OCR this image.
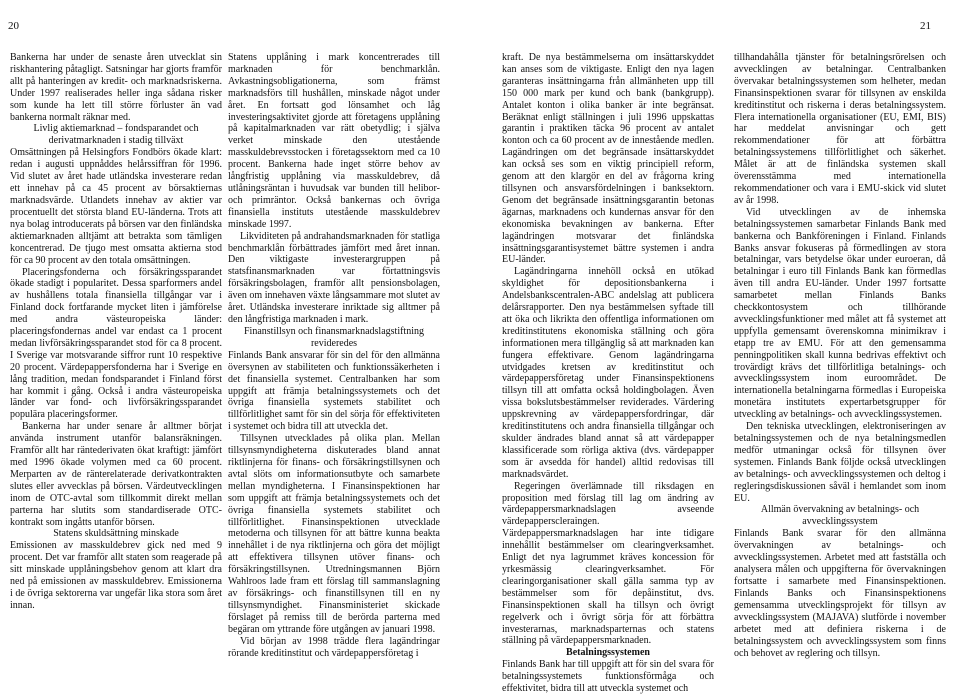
20	21

Bankerna har under de senaste åren utvecklat sin riskhantering påtagligt. Satsningar har gjorts framför allt på hanteringen av kredit- och marknadsriskerna. Under 1997 realiserades heller inga sådana risker som kunde ha lett till större förluster än vad bankerna normalt räknar med.

Livlig aktiemarknad – fondsparandet och derivatmarknaden i stadig tillväxt

Omsättningen på Helsingfors Fondbörs ökade klart: redan i augusti uppnåddes helårssiffran för 1996. Vid slutet av året hade utländska investerare redan ett innehav på ca 45 procent av börsaktiernas marknadsvärde. Utlandets innehav av aktier var procentuellt det största bland EU-länderna. Trots att nya bolag introducerats på börsen var den finländska aktiemarknaden alltjämt att betrakta som tämligen koncentrerad. De tjugo mest omsatta aktierna stod för ca 90 procent av den totala omsättningen.

Placeringsfonderna och försäkringssparandet ökade stadigt i popularitet. Dessa sparformers andel av hushållens totala finansiella tillgångar var i Finland dock fortfarande mycket liten i jämförelse med andra västeuropeiska länder: placeringsfondernas andel var endast ca 1 procent medan livförsäkringssparandet stod för ca 8 procent. I Sverige var motsvarande siffror runt 10 respektive 20 procent. Värdepappersfonderna har i Sverige en lång tradition, medan fondsparandet i Finland först har kommit i gång. Också i andra västeuropeiska länder var fond- och livförsäkringssparandet populära placeringsformer.

Bankerna har under senare år alltmer börjat använda instrument utanför balansräkningen. Framför allt har räntederivaten ökat kraftigt: jämfört med 1996 ökade volymen med ca 60 procent. Merparten av de ränterelaterade derivatkontrakten slutes eller avvecklas på börsen. Värdeutvecklingen inom de OTC-avtal som tillkommit direkt mellan parterna har slutits som standardiserade OTC-kontrakt som ingåtts utanför börsen.

Statens skuldsättning minskade

Emissionen av masskuldebrev gick ned med 9 procent. Det var framför allt staten som reagerade på sitt minskade upplåningsbehov genom att klart dra ned på emissionen av masskuldebrev. Emissionerna i de övriga sektorerna var ungefär lika stora som året innan.

Statens upplåning i mark koncentrerades till marknaden för benchmarklån. Avkastningsobligationerna, som främst marknadsförs till hushållen, minskade något under året. En fortsatt god lönsamhet och låg investeringsaktivitet gjorde att företagens upplåning på kapitalmarknaden var rätt obetydlig; i själva verket minskade den utestående masskuldebrevsstocken i företagssektorn med ca 10 procent. Bankerna hade inget större behov av långfristig upplåning via masskuldebrev, då utlåningsräntan i huvudsak var bunden till helibor- och primräntor. Också bankernas och övriga finansiella instituts utestående masskuldebrev minskade 1997.

Likviditeten på andrahandsmarknaden för statliga benchmarklån förbättrades jämfört med året innan. Den viktigaste investerargruppen på statsfinansmarknaden var förtattningsvis försäkringsbolagen, framför allt pensionsbolagen, även om innehaven växte långsammare mot slutet av året. Utländska investerare inriktade sig alltmer på den långfristiga marknaden i mark.

Finanstillsyn och finansmarknadslagstiftning revideredes

Finlands Bank ansvarar för sin del för den allmänna översynen av stabiliteten och funktionssäkerheten i det finansiella systemet. Centralbanken har som uppgift att främja betalningssystemets och det övriga finansiella systemets stabilitet och tillförlitlighet samt för sin del sörja för effektiviteten i systemet och bidra till att utveckla det.

Tillsynen utvecklades på olika plan. Mellan tillsynsmyndigheterna diskuterades bland annat riktlinjerna för finans- och försäkringstillsynen och avtal slöts om informationsutbyte och samarbete mellan myndigheterna. I Finansinspektionen har som uppgift att främja betalningssystemets och det övriga finansiella systemets stabilitet och tillförlitlighet. Finansinspektionen utvecklade metoderna och tillsynen för att bättre kunna beakta innehållet i de nya riktlinjerna och göra det möjligt att effektivera tillsynen utöver finans- och försäkringstillsynen. Utredningsmannen Björn Wahlroos lade fram ett förslag till sammanslagning av försäkrings- och finanstillsynen till en ny tillsynsmyndighet. Finansministeriet skickade förslaget på remiss till de berörda parterna med begäran om yttrande före utgången av januari 1998.

Vid början av 1998 trädde flera lagändringar rörande kreditinstitut och värdepappersföretag i

kraft. De nya bestämmelserna om insättarskyddet kan anses som de viktigaste. Enligt den nya lagen garanteras insättningarna från allmänheten upp till 150 000 mark per kund och bank (bankgrupp). Antalet konton i olika banker är inte begränsat. Beräknat enligt ställningen i juli 1996 uppskattas garantin i praktiken täcka 96 procent av antalet konton och ca 60 procent av de innestående medlen. Lagändringen om det begränsade insättarskyddet kan också ses som en viktig principiell reform, genom att den klargör en del av frågorna kring tillsynen och ansvarsfördelningen i banksektorn. Genom det begränsade insättningsgarantin betonas ägarnas, marknadens och kundernas ansvar för den ekonomiska bevakningen av bankerna. Efter lagändringen motsvarar det finländska insättningsgarantisystemet bättre systemen i andra EU-länder.

Lagändringarna innehöll också en utökad skyldighet för depositionsbankerna i Andelsbankscentralen-ABC andelslag att publicera delårsrapporter. Den nya bestämmelsen syftade till att öka och likrikta den offentliga informationen om kreditinstitutens ekonomiska ställning och göra informationen mera tillgänglig så att marknaden kan fungera effektivare. Genom lagändringarna utvidgades kretsen av kreditinstitut och värdepappersföretag under Finansinspektionens tillsyn till att omfatta också holdingbolagen. Även vissa bokslutsbestämmelser reviderades. Värdering uppskrevning av värdepappersfordringar, där kreditinstitutens och andra finansiella tillgångar och skulder ändrades bland annat så att värdepapper klassificerade som rörliga aktiva (dvs. värdepapper som är avsedda för handel) alltid redovisas till marknadsvärdet.

Regeringen överlämnade till riksdagen en proposition med förslag till lag om ändring av värdepappersmarknadslagen avseende värdepapperscleraingen. Värdepappersmarknadslagen har inte tidigare innehållit bestämmelser om clearingverksamhet. Enligt det nya lagrummet kräves koncession för yrkesmässig clearingverksamhet. För clearingorganisationer skall gälla samma typ av bestämmelser som för depåinstitut, dvs. Finansinspektionen skall ha tillsyn och övrigt regelverk och i övrigt sörja för att förbättra investerarnas, marknadsparternas och statens ställning på värdepappersmarknaden.

Betalningssystemen

Finlands Bank har till uppgift att för sin del svara för betalningssystemets funktionsförmåga och effektivitet, bidra till att utveckla systemet och

tillhandahålla tjänster för betalningsrörelsen och avvecklingen av betalningar. Centralbanken övervakar betalningssystemen som helheter, medan Finansinspektionen svarar för tillsynen av enskilda kreditinstitut och riskerna i deras betalningssystem. Flera internationella organisationer (EU, EMI, BIS) har meddelat anvisningar och gett rekommendationer för att förbättra betalningssystemens tillförlitlighet och säkerhet. Målet är att de finländska systemen skall överensstämma med internationella rekommendationer och vara i EMU-skick vid slutet av år 1998.

Vid utvecklingen av de inhemska betalningssystemen samarbetar Finlands Bank med bankerna och Bankföreningen i Finland. Finlands Banks ansvar fokuseras på förmedlingen av stora betalningar, vars betydelse ökar under euroeran, då betalningar i euro till Finlands Bank kan förmedlas även till andra EU-länder. Under 1997 fortsatte samarbetet mellan Finlands Banks checkkontosystem och tillhörande avvecklingsfunktioner med målet att få systemet att uppfylla gemensamt överenskomna minimikrav i etapp tre av EMU. För att den gemensamma penningpolitiken skall kunna bedrivas effektivt och trovärdigt krävs det tillförlitliga betalnings- och avvecklingssystem inom euroområdet. De internationella betalningarna förmedlas i Europeiska monetära institutets expertarbetsgrupper för utveckling av betalnings- och avvecklingssystemen.

Den tekniska utvecklingen, elektroniseringen av betalningssystemen och de nya betalningsmedlen medför utmaningar också för tillsynen över systemen. Finlands Bank följde också utvecklingen av betalnings- och avvecklingssystemen och deltog i regleringsdiskussionen såväl i hemlandet som inom EU.

Allmän övervakning av betalnings- och avvecklingssystem

Finlands Bank svarar för den allmänna övervakningen av betalnings- och avvecklingssystemen. Arbetet med att fastställa och analysera målen och uppgifterna för övervakningen fortsatte i samarbete med Finansinspektionen. Finlands Banks och Finansinspektionens gemensamma utvecklingsprojekt för tillsyn av avvecklingssystem (MAJAVA) slutförde i november arbetet med att definiera riskerna i de betalningssystem och avvecklingssystem som finns och behovet av reglering och tillsyn.
